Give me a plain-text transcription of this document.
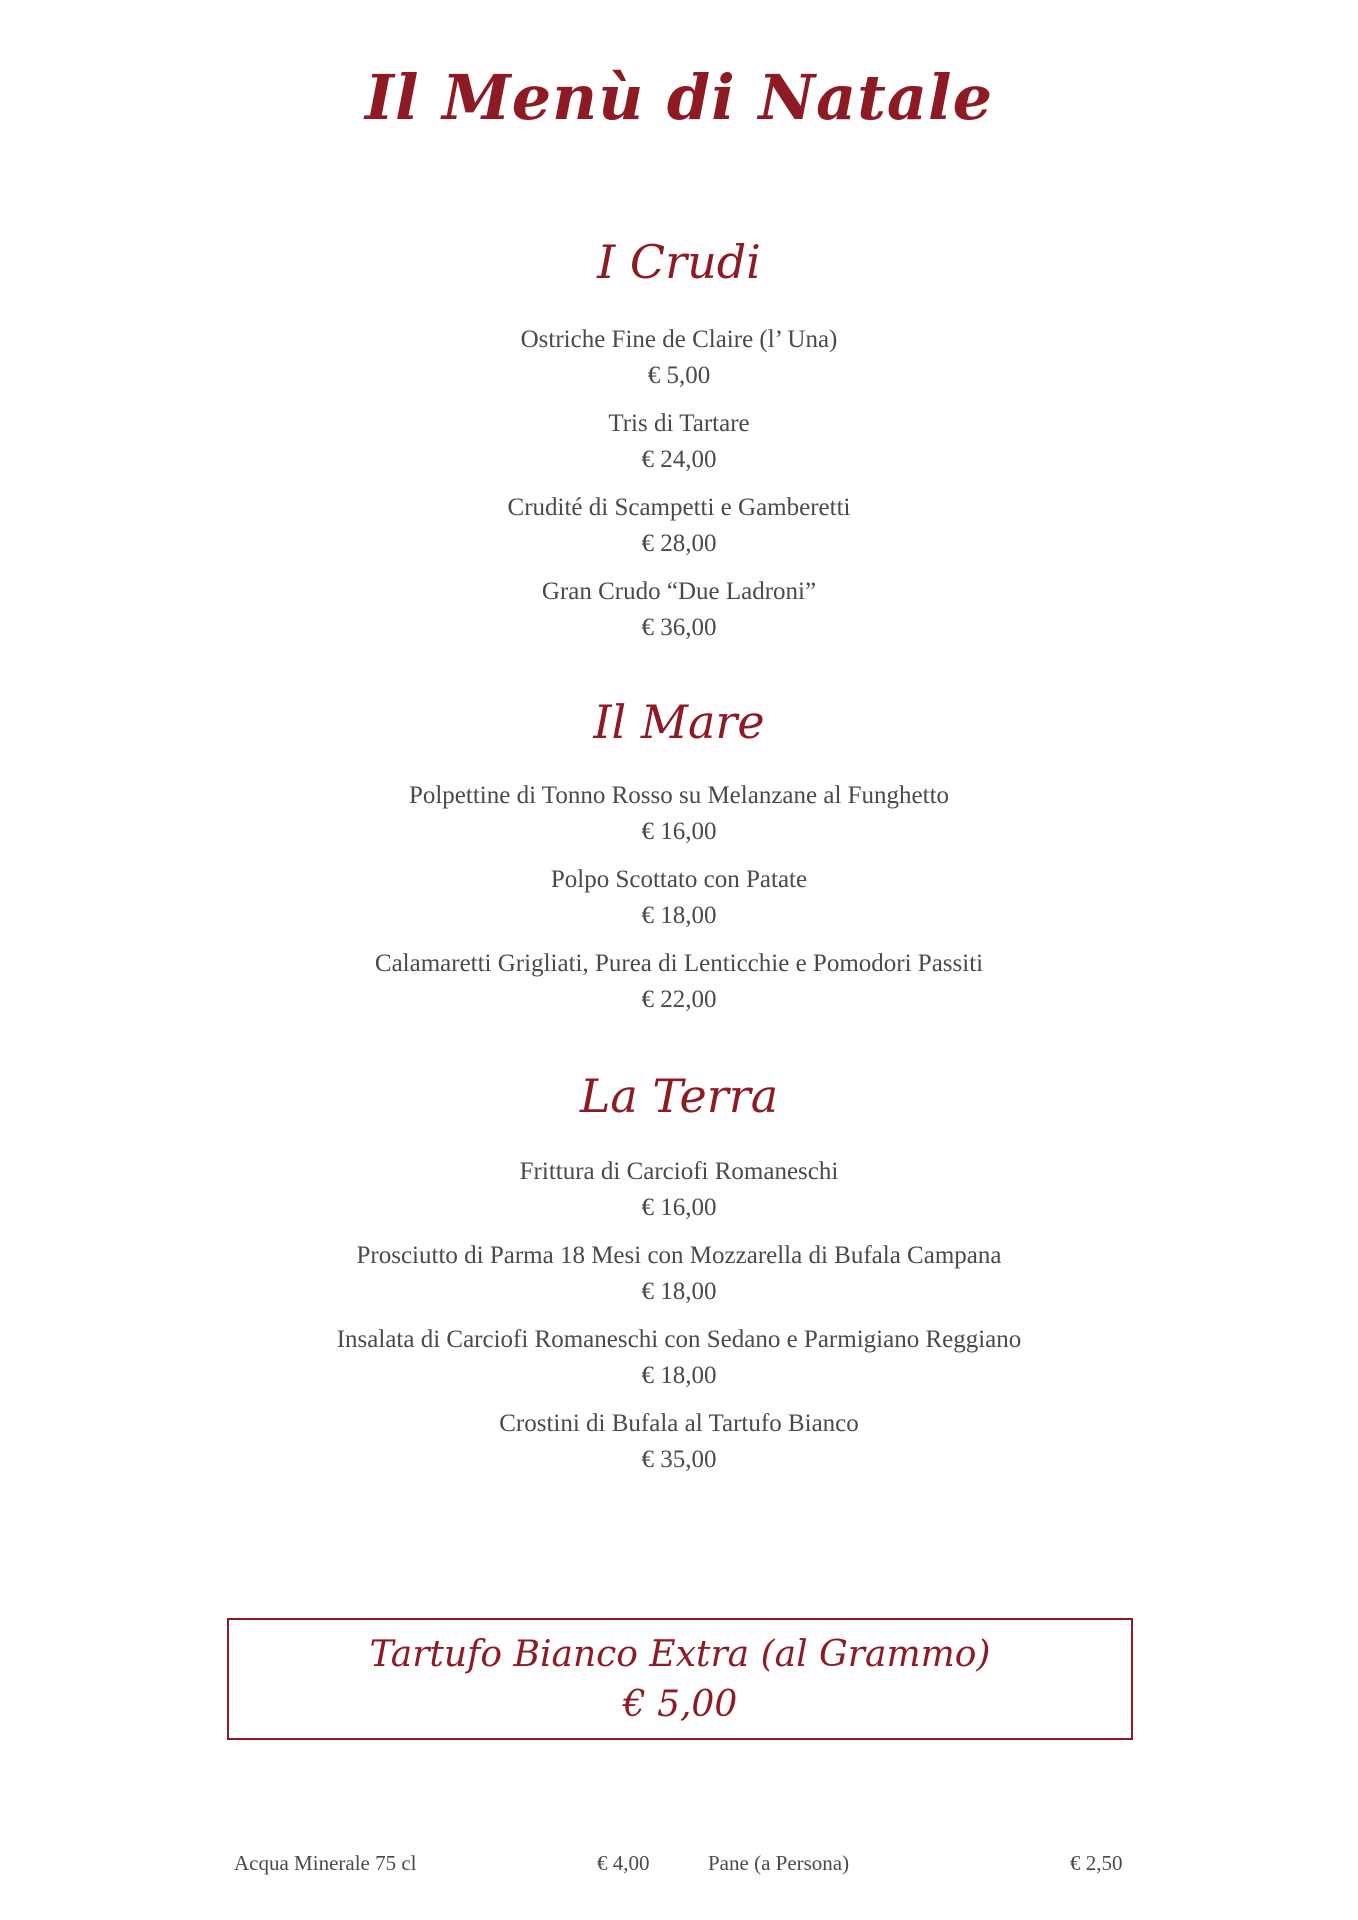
Il Menù di Natale
I Crudi
Ostriche Fine de Claire (l’ Una)
€ 5,00
Tris di Tartare
€ 24,00
Crudité di Scampetti e Gamberetti
€ 28,00
Gran Crudo “Due Ladroni”
€ 36,00
Il Mare
Polpettine di Tonno Rosso su Melanzane al Funghetto
€ 16,00
Polpo Scottato con Patate
€ 18,00
Calamaretti Grigliati, Purea di Lenticchie e Pomodori Passiti
€ 22,00
La Terra
Frittura di Carciofi Romaneschi
€ 16,00
Prosciutto di Parma 18 Mesi con Mozzarella di Bufala Campana
€ 18,00
Insalata di Carciofi Romaneschi con Sedano e Parmigiano Reggiano
€ 18,00
Crostini di Bufala al Tartufo Bianco
€ 35,00
Tartufo Bianco Extra (al Grammo)
€ 5,00
Acqua Minerale 75 cl	€ 4,00	Pane (a Persona)	€ 2,50
